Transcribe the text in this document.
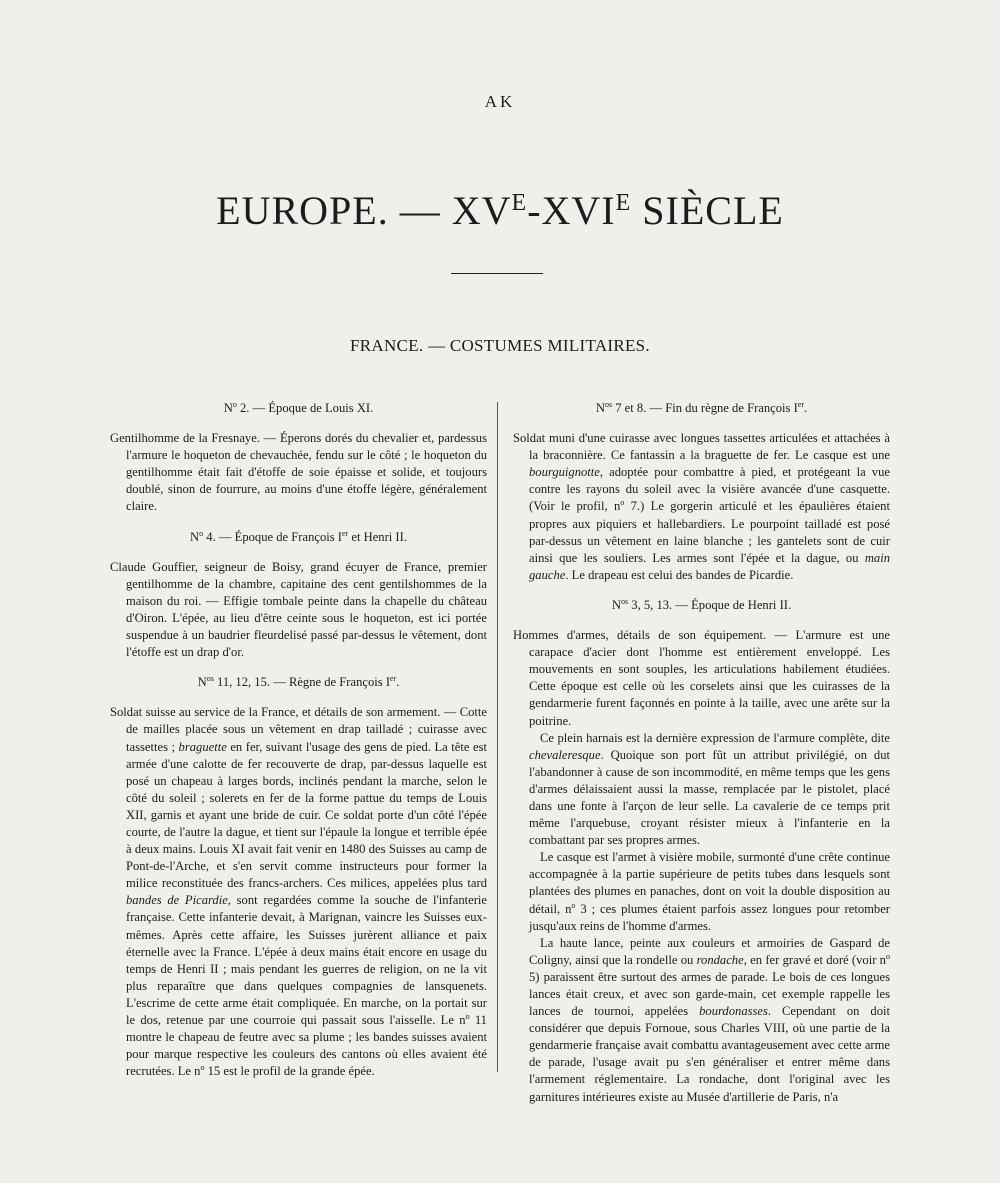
AK
EUROPE. — $XV^E-XVI^E$ SIÈCLE
FRANCE. — COSTUMES MILITAIRES.
$N^o$ 2. — Époque de Louis XI.

Gentilhomme de la Fresnaye. — Éperons dorés du chevalier et, pardessus l'armure le hoqueton de chevauchée, fendu sur le côté ; le hoqueton du gentilhomme était fait d'étoffe de soie épaisse et solide, et toujours doublé, sinon de fourrure, au moins d'une étoffe légère, généralement claire.

$N^o$ 4. — Époque de François Ier et Henri II.

Claude Gouffier, seigneur de Boisy, grand écuyer de France, premier gentilhomme de la chambre, capitaine des cent gentilshommes de la maison du roi. — Effigie tombale peinte dans la chapelle du château d'Oiron. L'épée, au lieu d'être ceinte sous le hoqueton, est ici portée suspendue à un baudrier fleurdelisé passé par-dessus le vêtement, dont l'étoffe est un drap d'or.

$N^{os}$ 11, 12, 15. — Règne de François Ier.

Soldat suisse au service de la France, et détails de son armement. — Cotte de mailles placée sous un vêtement en drap tailladé ; cuirasse avec tassettes ; braguette en fer, suivant l'usage des gens de pied. La tête est armée d'une calotte de fer recouverte de drap, par-dessus laquelle est posé un chapeau à larges bords, inclinés pendant la marche, selon le côté du soleil ; solerets en fer de la forme pattue du temps de Louis XII, garnis et ayant une bride de cuir. Ce soldat porte d'un côté l'épée courte, de l'autre la dague, et tient sur l'épaule la longue et terrible épée à deux mains. Louis XI avait fait venir en 1480 des Suisses au camp de Pont-de-l'Arche, et s'en servit comme instructeurs pour former la milice reconstituée des francs-archers. Ces milices, appelées plus tard bandes de Picardie, sont regardées comme la souche de l'infanterie française. Cette infanterie devait, à Marignan, vaincre les Suisses eux-mêmes. Après cette affaire, les Suisses jurèrent alliance et paix éternelle avec la France. L'épée à deux mains était encore en usage du temps de Henri II ; mais pendant les guerres de religion, on ne la vit plus reparaître que dans quelques compagnies de lansquenets. L'escrime de cette arme était compliquée. En marche, on la portait sur le dos, retenue par une courroie qui passait sous l'aisselle. Le $n^o$ 11 montre le chapeau de feutre avec sa plume ; les bandes suisses avaient pour marque respective les couleurs des cantons où elles avaient été recrutées. Le $n^o$ 15 est le profil de la grande épée.

$N^{os}$ 7 et 8. — Fin du règne de François Ier.

Soldat muni d'une cuirasse avec longues tassettes articulées et attachées à la braconnière. Ce fantassin a la braguette de fer. Le casque est une bourguignotte, adoptée pour combattre à pied, et protégeant la vue contre les rayons du soleil avec la visière avancée d'une casquette. (Voir le profil, $n^o$ 7.) Le gorgerin articulé et les épaulières étaient propres aux piquiers et hallebardiers. Le pourpoint tailladé est posé par-dessus un vêtement en laine blanche ; les gantelets sont de cuir ainsi que les souliers. Les armes sont l'épée et la dague, ou main gauche. Le drapeau est celui des bandes de Picardie.

$N^{os}$ 3, 5, 13. — Époque de Henri II.

Hommes d'armes, détails de son équipement. — L'armure est une carapace d'acier dont l'homme est entièrement enveloppé. Les mouvements en sont souples, les articulations habilement étudiées. Cette époque est celle où les corselets ainsi que les cuirasses de la gendarmerie furent façonnés en pointe à la taille, avec une arête sur la poitrine.

Ce plein harnais est la dernière expression de l'armure complète, dite chevaleresque. Quoique son port fût un attribut privilégié, on dut l'abandonner à cause de son incommodité, en même temps que les gens d'armes délaissaient aussi la masse, remplacée par le pistolet, placé dans une fonte à l'arçon de leur selle. La cavalerie de ce temps prit même l'arquebuse, croyant résister mieux à l'infanterie en la combattant par ses propres armes.

Le casque est l'armet à visière mobile, surmonté d'une crête continue accompagnée à la partie supérieure de petits tubes dans lesquels sont plantées des plumes en panaches, dont on voit la double disposition au détail, $n^o$ 3 ; ces plumes étaient parfois assez longues pour retomber jusqu'aux reins de l'homme d'armes.

La haute lance, peinte aux couleurs et armoiries de Gaspard de Coligny, ainsi que la rondelle ou rondache, en fer gravé et doré (voir $n^o$ 5) paraissent être surtout des armes de parade. Le bois de ces longues lances était creux, et avec son garde-main, cet exemple rappelle les lances de tournoi, appelées bourdonasses. Cependant on doit considérer que depuis Fornoue, sous Charles VIII, où une partie de la gendarmerie française avait combattu avantageusement avec cette arme de parade, l'usage avait pu s'en généraliser et entrer même dans l'armement réglementaire. La rondache, dont l'original avec les garnitures intérieures existe au Musée d'artillerie de Paris, n'a
